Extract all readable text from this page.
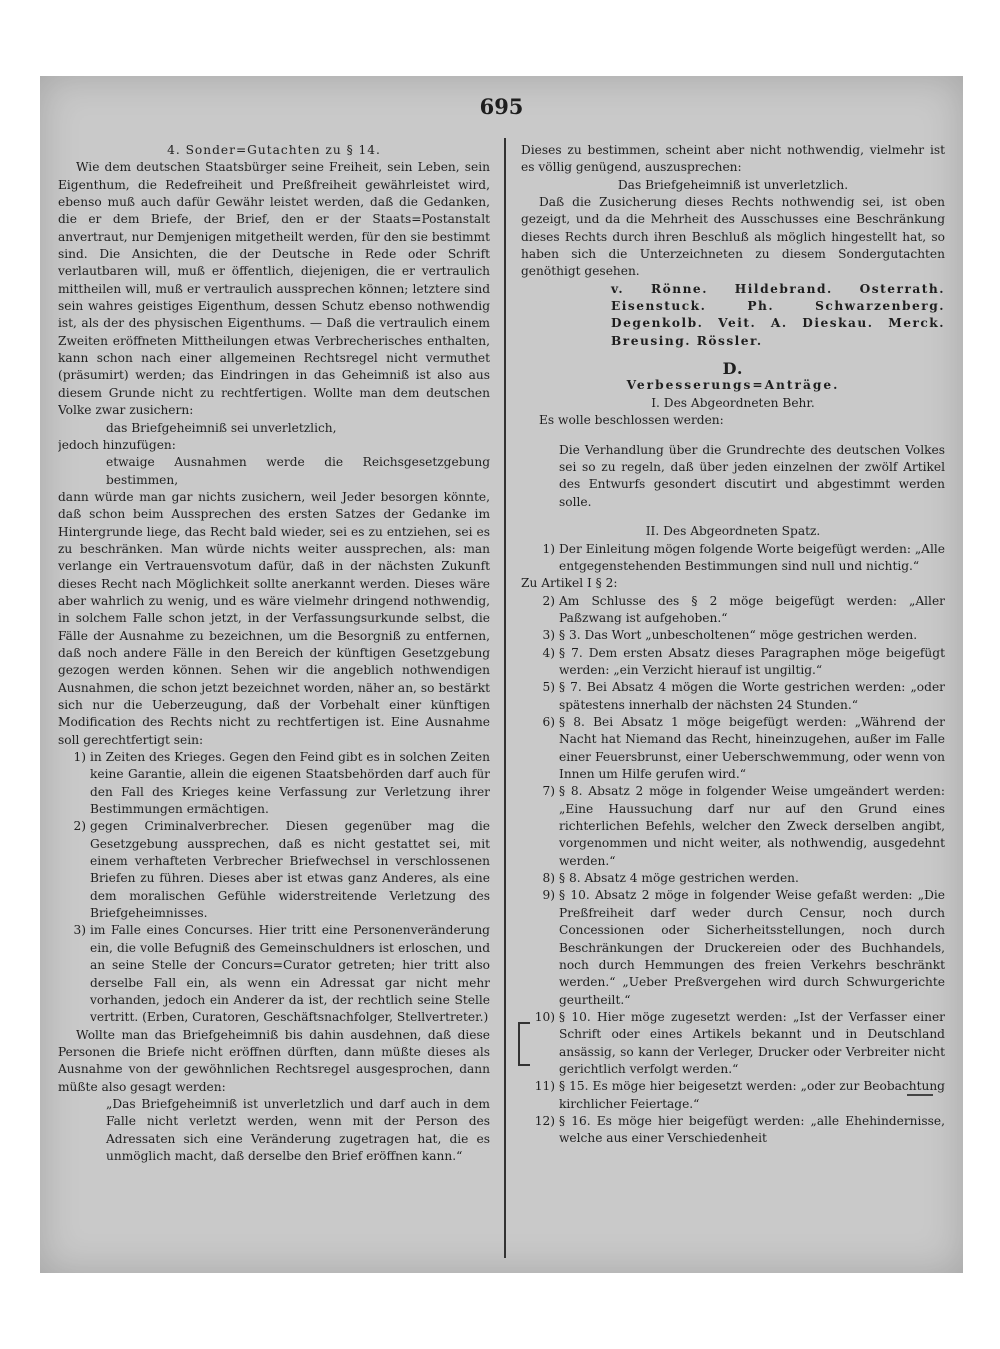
695

4. Sonder=Gutachten zu § 14.

Wie dem deutschen Staatsbürger seine Freiheit, sein Leben, sein Eigenthum, die Redefreiheit und Preßfreiheit gewährleistet wird, ebenso muß auch dafür Gewähr leistet werden, daß die Gedanken, die er dem Briefe, der Brief, den er der Staats=Postanstalt anvertraut, nur Demjenigen mitgetheilt werden, für den sie bestimmt sind. Die Ansichten, die der Deutsche in Rede oder Schrift verlautbaren will, muß er öffentlich, diejenigen, die er vertraulich mittheilen will, muß er vertraulich aussprechen können; letztere sind sein wahres geistiges Eigenthum, dessen Schutz ebenso nothwendig ist, als der des physischen Eigenthums. — Daß die vertraulich einem Zweiten eröffneten Mittheilungen etwas Verbrecherisches enthalten, kann schon nach einer allgemeinen Rechtsregel nicht vermuthet (präsumirt) werden; das Eindringen in das Geheimniß ist also aus diesem Grunde nicht zu rechtfertigen. Wollte man dem deutschen Volke zwar zusichern:

das Briefgeheimniß sei unverletzlich,

jedoch hinzufügen:

etwaige Ausnahmen werde die Reichsgesetzgebung bestimmen,

dann würde man gar nichts zusichern, weil Jeder besorgen könnte, daß schon beim Aussprechen des ersten Satzes der Gedanke im Hintergrunde liege, das Recht bald wieder, sei es zu entziehen, sei es zu beschränken. Man würde nichts weiter aussprechen, als: man verlange ein Vertrauensvotum dafür, daß in der nächsten Zukunft dieses Recht nach Möglichkeit sollte anerkannt werden. Dieses wäre aber wahrlich zu wenig, und es wäre vielmehr dringend nothwendig, in solchem Falle schon jetzt, in der Verfassungsurkunde selbst, die Fälle der Ausnahme zu bezeichnen, um die Besorgniß zu entfernen, daß noch andere Fälle in den Bereich der künftigen Gesetzgebung gezogen werden können. Sehen wir die angeblich nothwendigen Ausnahmen, die schon jetzt bezeichnet worden, näher an, so bestärkt sich nur die Ueberzeugung, daß der Vorbehalt einer künftigen Modification des Rechts nicht zu rechtfertigen ist. Eine Ausnahme soll gerechtfertigt sein:

1) in Zeiten des Krieges. Gegen den Feind gibt es in solchen Zeiten keine Garantie, allein die eigenen Staatsbehörden darf auch für den Fall des Krieges keine Verfassung zur Verletzung ihrer Bestimmungen ermächtigen.
2) gegen Criminalverbrecher. Diesen gegenüber mag die Gesetzgebung aussprechen, daß es nicht gestattet sei, mit einem verhafteten Verbrecher Briefwechsel in verschlossenen Briefen zu führen. Dieses aber ist etwas ganz Anderes, als eine dem moralischen Gefühle widerstreitende Verletzung des Briefgeheimnisses.
3) im Falle eines Concurses. Hier tritt eine Personenveränderung ein, die volle Befugniß des Gemeinschuldners ist erloschen, und an seine Stelle der Concurs=Curator getreten; hier tritt also derselbe Fall ein, als wenn ein Adressat gar nicht mehr vorhanden, jedoch ein Anderer da ist, der rechtlich seine Stelle vertritt. (Erben, Curatoren, Geschäftsnachfolger, Stellvertreter.)

Wollte man das Briefgeheimniß bis dahin ausdehnen, daß diese Personen die Briefe nicht eröffnen dürften, dann müßte dieses als Ausnahme von der gewöhnlichen Rechtsregel ausgesprochen, dann müßte also gesagt werden:

„Das Briefgeheimniß ist unverletzlich und darf auch in dem Falle nicht verletzt werden, wenn mit der Person des Adressaten sich eine Veränderung zugetragen hat, die es unmöglich macht, daß derselbe den Brief eröffnen kann.“

Dieses zu bestimmen, scheint aber nicht nothwendig, vielmehr ist es völlig genügend, auszusprechen:

Das Briefgeheimniß ist unverletzlich.

Daß die Zusicherung dieses Rechts nothwendig sei, ist oben gezeigt, und da die Mehrheit des Ausschusses eine Beschränkung dieses Rechts durch ihren Beschluß als möglich hingestellt hat, so haben sich die Unterzeichneten zu diesem Sondergutachten genöthigt gesehen.

v. Rönne. Hildebrand. Osterrath. Eisenstuck. Ph. Schwarzenberg. Degenkolb. Veit. A. Dieskau. Merck. Breusing. Rössler.

D.

Verbesserungs=Anträge.

I. Des Abgeordneten Behr.

Es wolle beschlossen werden:

Die Verhandlung über die Grundrechte des deutschen Volkes sei so zu regeln, daß über jeden einzelnen der zwölf Artikel des Entwurfs gesondert discutirt und abgestimmt werden solle.

II. Des Abgeordneten Spatz.

1) Der Einleitung mögen folgende Worte beigefügt werden: „Alle entgegenstehenden Bestimmungen sind null und nichtig.“

Zu Artikel I § 2:

2) Am Schlusse des § 2 möge beigefügt werden: „Aller Paßzwang ist aufgehoben.“
3) § 3. Das Wort „unbescholtenen“ möge gestrichen werden.
4) § 7. Dem ersten Absatz dieses Paragraphen möge beigefügt werden: „ein Verzicht hierauf ist ungiltig.“
5) § 7. Bei Absatz 4 mögen die Worte gestrichen werden: „oder spätestens innerhalb der nächsten 24 Stunden.“
6) § 8. Bei Absatz 1 möge beigefügt werden: „Während der Nacht hat Niemand das Recht, hineinzugehen, außer im Falle einer Feuersbrunst, einer Ueberschwemmung, oder wenn von Innen um Hilfe gerufen wird.“
7) § 8. Absatz 2 möge in folgender Weise umgeändert werden: „Eine Haussuchung darf nur auf den Grund eines richterlichen Befehls, welcher den Zweck derselben angibt, vorgenommen und nicht weiter, als nothwendig, ausgedehnt werden.“
8) § 8. Absatz 4 möge gestrichen werden.
9) § 10. Absatz 2 möge in folgender Weise gefaßt werden: „Die Preßfreiheit darf weder durch Censur, noch durch Concessionen oder Sicherheitsstellungen, noch durch Beschränkungen der Druckereien oder des Buchhandels, noch durch Hemmungen des freien Verkehrs beschränkt werden.“ „Ueber Preßvergehen wird durch Schwurgerichte geurtheilt.“
10) § 10. Hier möge zugesetzt werden: „Ist der Verfasser einer Schrift oder eines Artikels bekannt und in Deutschland ansässig, so kann der Verleger, Drucker oder Verbreiter nicht gerichtlich verfolgt werden.“
11) § 15. Es möge hier beigesetzt werden: „oder zur Beobachtung kirchlicher Feiertage.“
12) § 16. Es möge hier beigefügt werden: „alle Ehehindernisse, welche aus einer Verschiedenheit
